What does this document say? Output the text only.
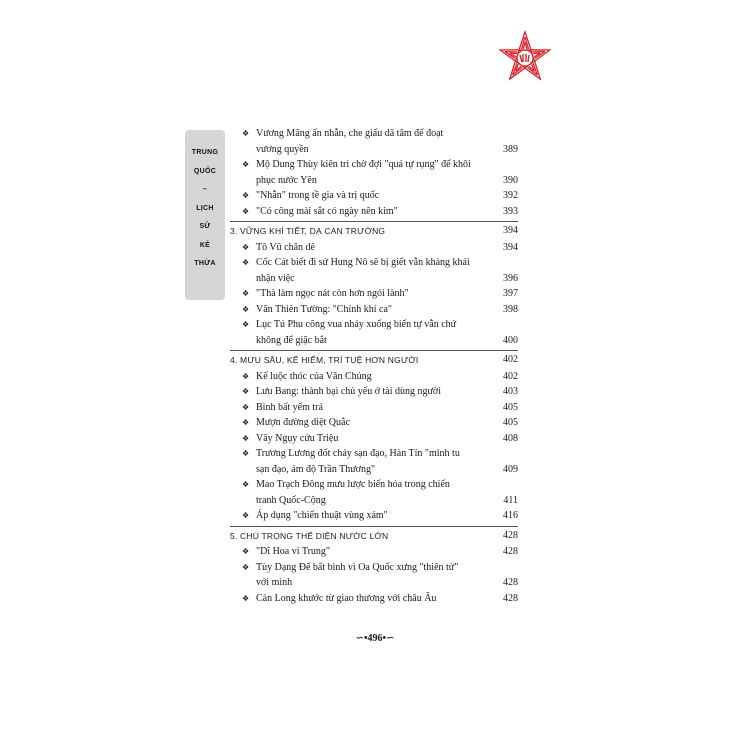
TRUNG
QUỐC
–
LỊCH
SỬ
KẺ
THỪA
❖ Vương Mãng ẩn nhẫn, che giấu dã tâm để đoạt
vương quyền	389
❖ Mộ Dung Thùy kiên trì chờ đợi "quả tự rụng" để khôi
phục nước Yên	390
❖ "Nhẫn" trong tề gia và trị quốc	392
❖ "Có công mài sắt có ngày nên kim"	393
3. VỮNG KHÍ TIẾT, DẠ CAN TRƯỜNG	394
❖ Tô Vũ chăn dê	394
❖ Cốc Cát biết đi sứ Hung Nô sẽ bị giết vẫn khảng khái
nhận việc	396
❖ "Thà làm ngọc nát còn hơn ngói lành"	397
❖ Văn Thiên Tường: "Chính khí ca"	398
❖ Lục Tú Phu cõng vua nhảy xuống biển tự vẫn chứ
không để giặc bắt	400
4. MƯU SÂU, KẾ HIỂM, TRÍ TUỆ HƠN NGƯỜI	402
❖ Kế luộc thóc của Văn Chủng	402
❖ Lưu Bang: thành bại chủ yếu ở tài dùng người	403
❖ Binh bất yếm trá	405
❖ Mượn đường diệt Quắc	405
❖ Vây Ngụy cứu Triệu	408
❖ Trương Lương đốt chảy sạn đạo, Hàn Tín "minh tu
sạn đạo, ám độ Trần Thương"	409
❖ Mao Trạch Đông mưu lược biến hóa trong chiến
tranh Quốc-Cộng	411
❖ Áp dụng "chiến thuật vùng xám"	416
5. CHÚ TRỌNG THỂ DIỆN NƯỚC LỚN	428
❖ "Dĩ Hoa vi Trung"	428
❖ Tùy Dạng Đế bất bình vì Oa Quốc xưng "thiên tử"
với mình	428
❖ Càn Long khước từ giao thương với châu Âu	428
∽•496•∽
